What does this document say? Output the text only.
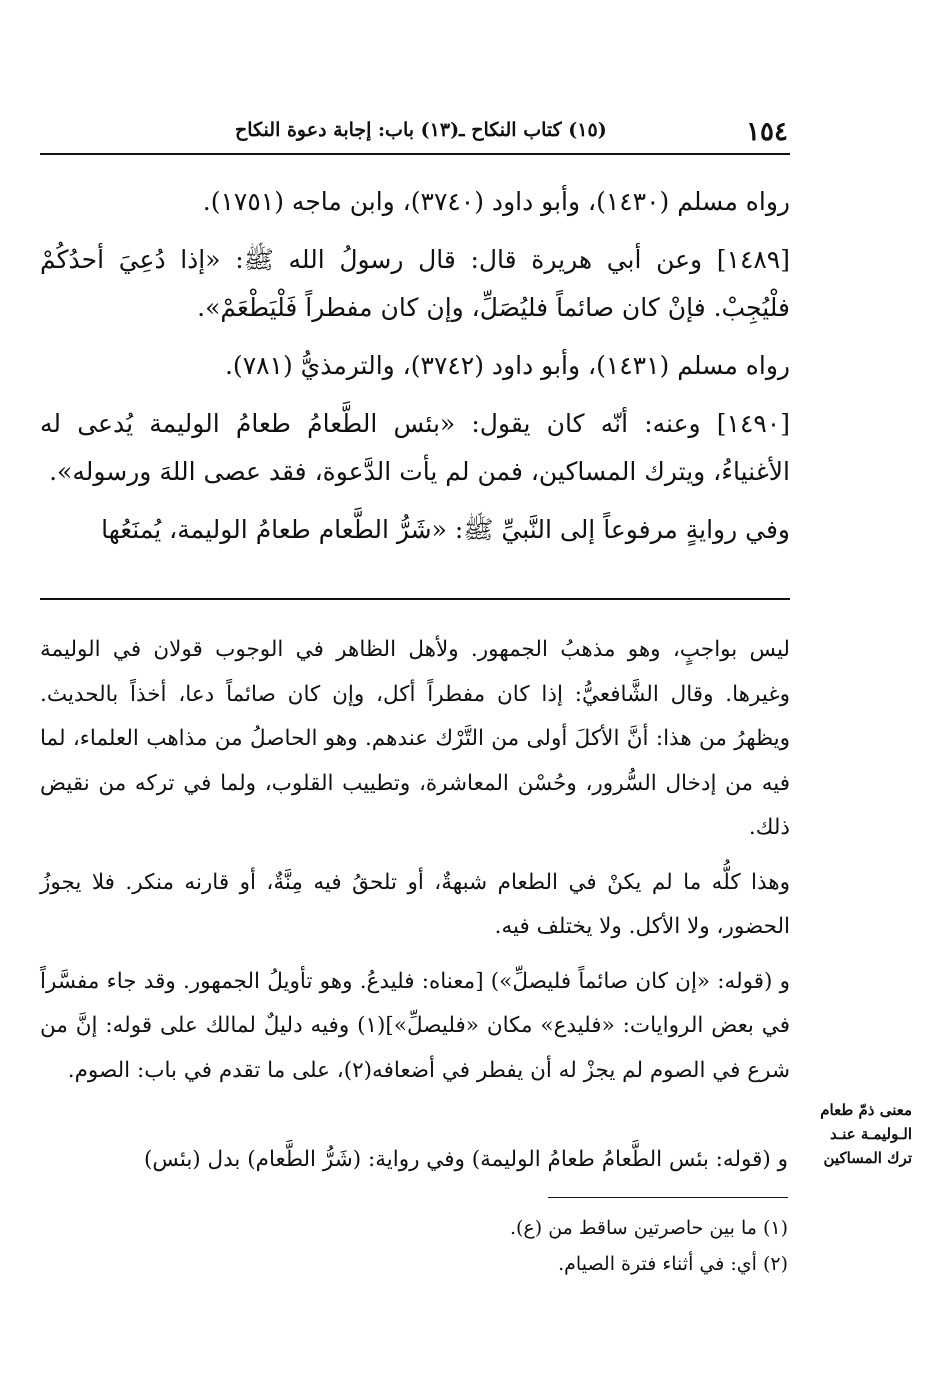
١٥٤
(١٥) كتاب النكاح ـ(١٣) باب: إجابة دعوة النكاح

رواه مسلم (١٤٣٠)، وأبو داود (٣٧٤٠)، وابن ماجه (١٧٥١).

[١٤٨٩] وعن أبي هريرة قال: قال رسولُ الله ﷺ: «إذا دُعِيَ أحدُكُمْ فلْيُجِبْ. فإنْ كان صائماً فليُصَلِّ، وإن كان مفطراً فَلْيَطْعَمْ».

رواه مسلم (١٤٣١)، وأبو داود (٣٧٤٢)، والترمذيُّ (٧٨١).

[١٤٩٠] وعنه: أنّه كان يقول: «بئس الطَّعامُ طعامُ الوليمة يُدعى له الأغنياءُ، ويترك المساكين، فمن لم يأت الدَّعوة، فقد عصى اللهَ ورسوله».

وفي روايةٍ مرفوعاً إلى النَّبيِّ ﷺ: «شَرُّ الطَّعام طعامُ الوليمة، يُمنَعُها

ليس بواجبٍ، وهو مذهبُ الجمهور. ولأهل الظاهر في الوجوب قولان في الوليمة وغيرها. وقال الشَّافعيُّ: إذا كان مفطراً أكل، وإن كان صائماً دعا، أخذاً بالحديث. ويظهرُ من هذا: أنَّ الأكلَ أولى من التَّرْك عندهم. وهو الحاصلُ من مذاهب العلماء، لما فيه من إدخال السُّرور، وحُسْن المعاشرة، وتطييب القلوب، ولما في تركه من نقيض ذلك.

وهذا كلُّه ما لم يكنْ في الطعام شبهةٌ، أو تلحقُ فيه مِنَّةٌ، أو قارنه منكر. فلا يجوزُ الحضور، ولا الأكل. ولا يختلف فيه.

و (قوله: «إن كان صائماً فليصلِّ») [معناه: فليدعُ. وهو تأويلُ الجمهور. وقد جاء مفسَّراً في بعض الروايات: «فليدع» مكان «فليصلِّ»](١) وفيه دليلٌ لمالك على قوله: إنَّ من شرع في الصوم لم يجزْ له أن يفطر في أضعافه(٢)، على ما تقدم في باب: الصوم.

معنى ذمّ طعام الـوليمـة عنـد ترك المساكين
و (قوله: بئس الطَّعامُ طعامُ الوليمة) وفي رواية: (شَرُّ الطَّعام) بدل (بئس)

(١) ما بين حاصرتين ساقط من (ع).

(٢) أي: في أثناء فترة الصيام.
